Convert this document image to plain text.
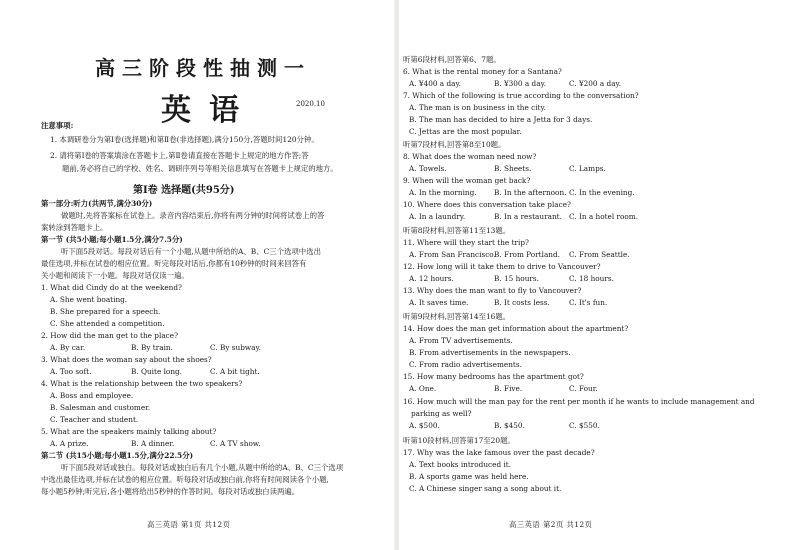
高三阶段性抽测一
英语	2020.10
注意事项:
1. 本调研卷分为第Ⅰ卷(选择题)和第Ⅱ卷(非选择题),满分150分,答题时间120分钟。
2. 请将第Ⅰ卷的答案填涂在答题卡上,第Ⅱ卷请直接在答题卡上规定的地方作答;答
题前,务必将自己的学校、姓名、调研序列号等相关信息填写在答题卡上规定的地方。
第Ⅰ卷 选择题(共95分)
第一部分:听力(共两节,满分30分)
做题时,先将答案标在试卷上。录音内容结束后,你将有两分钟的时间将试卷上的答
案转涂到答题卡上。
第一节 (共5小题;每小题1.5分,满分7.5分)
听下面5段对话。每段对话后有一个小题,从题中所给的A、B、C三个选项中选出
最佳选项,并标在试卷的相应位置。听完每段对话后,你都有10秒钟的时间来回答有
关小题和阅读下一小题。每段对话仅读一遍。
1. What did Cindy do at the weekend?
A. She went boating.
B. She prepared for a speech.
C. She attended a competition.
2. How did the man get to the place?
A. By car.	B. By train.	C. By subway.
3. What does the woman say about the shoes?
A. Too soft.	B. Quite long.	C. A bit tight.
4. What is the relationship between the two speakers?
A. Boss and employee.
B. Salesman and customer.
C. Teacher and student.
5. What are the speakers mainly talking about?
A. A prize.	B. A dinner.	C. A TV show.
第二节 (共15小题;每小题1.5分,满分22.5分)
听下面5段对话或独白。每段对话或独白后有几个小题,从题中所给的A、B、C三个选项
中选出最佳选项,并标在试卷的相应位置。听每段对话或独白前,你将有时间阅读各个小题,
每小题5秒钟;听完后,各小题将给出5秒钟的作答时间。每段对话或独白读两遍。
高三英语 第1页 共12页
听第6段材料,回答第6、7题。
6. What is the rental money for a Santana?
A. ¥400 a day.	B. ¥300 a day.	C. ¥200 a day.
7. Which of the following is true according to the conversation?
A. The man is on business in the city.
B. The man has decided to hire a Jetta for 3 days.
C. Jettas are the most popular.
听第7段材料,回答第8至10题。
8. What does the woman need now?
A. Towels.	B. Sheets.	C. Lamps.
9. When will the woman get back?
A. In the morning. B. In the afternoon. C. In the evening.
10. Where does this conversation take place?
A. In a laundry.	B. In a restaurant. C. In a hotel room.
听第8段材料,回答第11至13题。
11. Where will they start the trip?
A. From San Francisco.
B. From Portland. C. From Seattle.
12. How long will it take them to drive to Vancouver?
A. 12 hours.	B. 15 hours.	C. 18 hours.
13. Why does the man want to fly to Vancouver?
A. It saves time.	B. It costs less.	C. It's fun.
听第9段材料,回答第14至16题。
14. How does the man get information about the apartment?
A. From TV advertisements.
B. From advertisements in the newspapers.
C. From radio advertisements.
15. How many bedrooms has the apartment got?
A. One.	B. Five.	C. Four.
16. How much will the man pay for the rent per month if he wants to include management and
parking as well?
A. $500.	B. $450.	C. $550.
听第10段材料,回答第17至20题。
17. Why was the lake famous over the past decade?
A. Text books introduced it.
B. A sports game was held here.
C. A Chinese singer sang a song about it.
高三英语 第2页 共12页
